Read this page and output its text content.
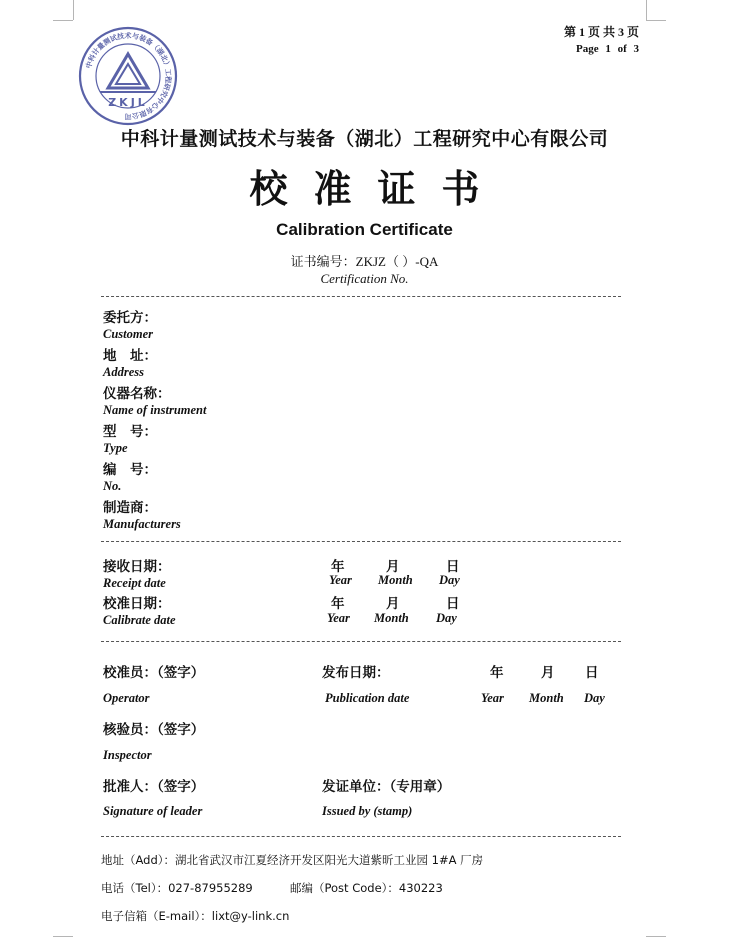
中科计量测试技术与装备（湖北）工程研究中心有限公司
ZKJL
第 1 页 共 3 页
Page 1 of 3
中科计量测试技术与装备（湖北）工程研究中心有限公司
校准证书
Calibration Certificate
证书编号：ZKJZ（ ）-QA
Certification No.
委托方：
Customer
地    址：
Address
仪器名称：
Name of instrument
型    号：
Type
编    号：
No.
制造商：
Manufacturers
接收日期：
Receipt date
年	月	日
Year Month Day
校准日期：
Calibrate date
年	月	日
Year Month Day
校准员：（签字）
Operator
发布日期：
Publication date
年	月 日
Year Month Day
核验员：（签字）
Inspector
批准人：（签字）
Signature of leader
发证单位：（专用章）
Issued by (stamp)
地址（Add）：湖北省武汉市江夏经济开发区阳光大道紫昕工业园 1#A 厂房
电话（Tel）：027-87955289	邮编（Post Code）：430223
电子信箱（E-mail）：lixt@y-link.cn
